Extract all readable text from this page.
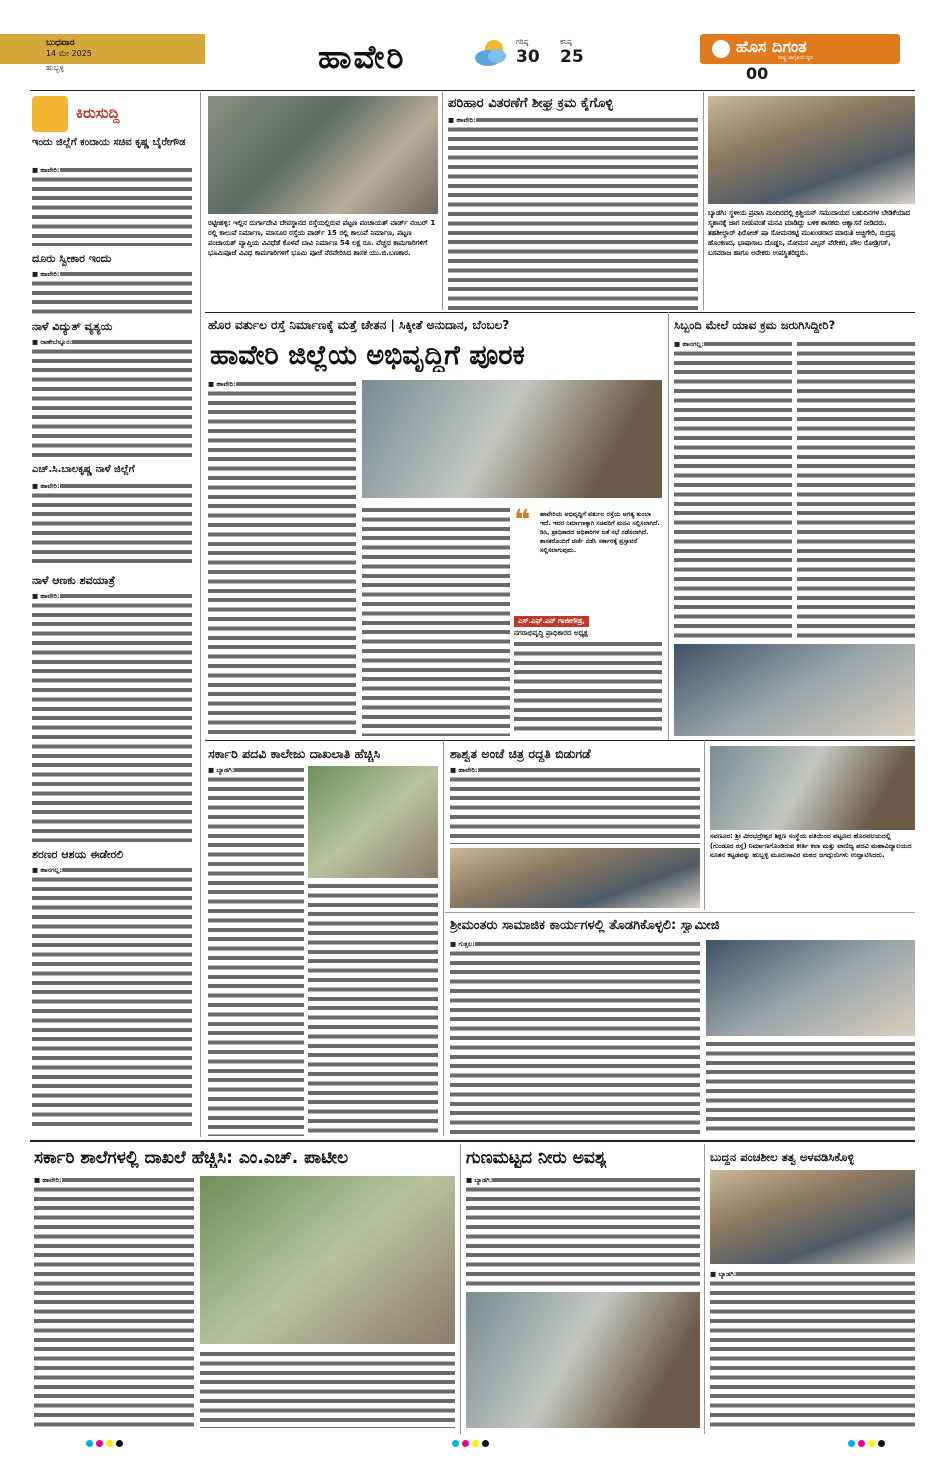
ಬುಧವಾರ
14 ಮೇ 2025
ಹುಬ್ಬಳ್ಳಿ	ಹಾವೇರಿ	ಗರಿಷ್ಠ
30
ಕನಿಷ್ಠ
25
ಹೊಸ ದಿಗಂತ
ರಾಷ್ಟ್ರ ಜಾಗೃತಿಯ ಧ್ವನಿ
00
ಕಿರುಸುದ್ದಿ
ಇಂದು ಜಿಲ್ಲೆಗೆ ಕಂದಾಯ ಸಚಿವ ಕೃಷ್ಣ ಬೈರೇಗೌಡ
■ ಹಾವೇರಿ:
ದೂರು ಸ್ವೀಕಾರ ಇಂದು
■ ಹಾವೇರಿ:
ನಾಳೆ ವಿದ್ಯುತ್ ವ್ಯತ್ಯಯ
■ ರಾಣೇಬೆನ್ನೂರ:
ಎಚ್.ಸಿ.ಬಾಲಕೃಷ್ಣ ನಾಳೆ ಜಿಲ್ಲೆಗೆ
■ ಹಾವೇರಿ:
ನಾಳೆ ಆಣಕು ಶವಯಾತ್ರೆ
■ ಹಾವೇರಿ:
ಶರಣರ ಆಶಯ ಈಡೇರಲಿ
■ ಹಾನಗಲ್ಲ:
ರಟ್ಟೀಹಳ್ಳಿ: ಇಲ್ಲಿನ ದುರ್ಗಾದೇವಿ ದೇವಸ್ಥಾನದ ರಸ್ತೆಯಲ್ಲಿರುವ ಪಟ್ಟಣ ಪಂಚಾಯತ್ ವಾರ್ಡ್ ನಂಬರ್ 1 ರಲ್ಲಿ ಕಾಲುವೆ ನಿರ್ಮಾಣ, ಮಾಸೂರ ರಸ್ತೆಯ ವಾರ್ಡ್ 15 ರಲ್ಲಿ ಕಾಲುವೆ ನಿರ್ಮಾಣ, ಪಟ್ಟಣ ಪಂಚಾಯತ್ ವ್ಯಾಪ್ತಿಯ ವಿವಿಧೆಡೆ ಕೊಳವೆ ಬಾವಿ ನಿರ್ಮಾಣ 54 ಲಕ್ಷ ರೂ. ವೆಚ್ಚದ ಕಾಮಗಾರಿಗಳಿಗೆ ಭೂಮಿಪೂಜೆ ವಿವಿಧ ಕಾಮಗಾರಿಗಳಿಗೆ ಭೂಮಿ ಪೂಜೆ ನೆರವೇರಿಸಿದ ಶಾಸಕ ಯು.ಬಿ.ಬಣಕಾರ.
ಪರಿಹಾರ ವಿತರಣೆಗೆ ಶೀಘ್ರ ಕ್ರಮ ಕೈಗೊಳ್ಳಿ
■ ಹಾವೇರಿ:
ಬ್ಯಾಡಗಿ: ಸ್ಥಳೀಯ ಪ್ರವಾಸಿ ಮಂದಿರದಲ್ಲಿ ಕ್ರಿಶ್ಚಿಯನ್ ಸಮುದಾಯದ ಬಹುದಿನಗಳ ಬೇಡಿಕೆಯಾದ ಸ್ಮಶಾನಕ್ಕೆ ಜಾಗ ನೀಡುವಂತೆ ಮನವಿ ಮಾಡಿದ್ದು ಬಳಿಕ ಶಾಸಕರು ಆಶ್ವಾಸನೆ ನೀಡಿದರು. ತಹಶೀಲ್ದಾರ್ ಫಿರೋಜ್ ಷಾ ಸೋಮನಕಟ್ಟಿ ಮುಖಂಡರಾದ ಮಾರುತಿ ಅಚ್ಚಿಗೇರಿ, ರುದ್ರಪ್ಪ ಹೊಂಕಣದ, ಭಾಷಾಸಾಬ ದೊಡ್ಡನಿ, ನೋಮನ ವಿಲ್ಸನ್ ವೆರೇಕರ, ಪೌಲ ರೋಡ್ರಿಗಸ್, ಬಸವರಾಜ ಹಾಗೂ ಅನೇಕರು ಉಪಸ್ಥಿತರಿದ್ದರು.
ಹೊರ ವರ್ತುಲ ರಸ್ತೆ ನಿರ್ಮಾಣಕ್ಕೆ ಮತ್ತೆ ಚೇತನ | ಸಿಕ್ಕೀತೆ ಅನುದಾನ, ಬೆಂಬಲ?
ಹಾವೇರಿ ಜಿಲ್ಲೆಯ ಅಭಿವೃದ್ಧಿಗೆ ಪೂರಕ
■ ಹಾವೇರಿ:
❝ ಹಾವೇರಿಯ ಅಭಿವೃದ್ಧಿಗೆ ವರ್ತುಲ ರಸ್ತೆಯ ಅಗತ್ಯ ತುಂಬಾ ಇದೆ. ಇದರ ನಿರ್ಮಾಣಕ್ಕಾಗಿ ಸಚಿವರಿಗೆ ಮನವಿ ಸಲ್ಲಿಸಲಾಗಿದೆ. ಡಿಸಿ, ಪ್ರಾಧಿಕಾರದ ಅಧಿಕಾರಿಗಳ ಜತೆ ಸಭೆ ನಡೆಸಲಾಗಿದೆ. ಶಾಸಕರೊಂದಿಗೆ ಚರ್ಚೆ ನಡೆಸಿ ಸರ್ಕಾರಕ್ಕೆ ಪ್ರಸ್ತಾವನೆ ಸಲ್ಲಿಸಲಾಗುವುದು.
ಎಸ್.ಎಫ್.ಎನ್ ಗಾಜೀಗೌಡ್ರ,
ನಗರಾಭಿವೃದ್ಧಿ ಪ್ರಾಧಿಕಾರದ ಅಧ್ಯಕ್ಷ
ಸಿಬ್ಬಂದಿ ಮೇಲೆ ಯಾವ ಕ್ರಮ ಜರುಗಿಸಿದ್ದೀರಿ?
■ ಹಾನಗಲ್ಲ:
ಸರ್ಕಾರಿ ಪದವಿ ಕಾಲೇಜು ದಾಖಲಾತಿ ಹೆಚ್ಚಿಸಿ
■ ಬ್ಯಾಡಗಿ:
ಶಾಶ್ವತ ಅಂಚೆ ಚಿತ್ರ ರದ್ಧತಿ ಬಿಡುಗಡೆ
■ ಹಾವೇರಿ:
ಸವಣೂರ: ಶ್ರೀ ವೀರಭದ್ರೇಶ್ವರ ಶಿಕ್ಷಣ ಸಂಸ್ಥೆಯ ವತಿಯಿಂದ ಪಟ್ಟಣದ ಹೊರವಲಯದಲ್ಲಿ (ಗುಂಡೂರ ರಸ್ತೆ) ನಿರ್ಮಾಣಗೊಂಡಿರುವ ಕೀರ್ತಿ ಕಲಾ ಮತ್ತು ವಾಣಿಜ್ಯ ಪದವಿ ಮಹಾವಿದ್ಯಾಲಯದ ನೂತನ ಕಟ್ಟಡವನ್ನು ಹುಬ್ಬಳ್ಳಿ ಮೂರುಸಾವಿರ ಮಠದ ಜಗದ್ಗುರುಗಳು ಉದ್ಘಾಟಿಸಿದರು.
ಶ್ರೀಮಂತರು ಸಾಮಾಜಿಕ ಕಾರ್ಯಗಳಲ್ಲಿ ತೊಡಗಿಕೊಳ್ಳಲಿ: ಸ್ವಾಮೀಜಿ
■ ಗುತ್ತಲ:
ಸರ್ಕಾರಿ ಶಾಲೆಗಳಲ್ಲಿ ದಾಖಲೆ ಹೆಚ್ಚಿಸಿ: ಎಂ.ಎಚ್. ಪಾಟೀಲ
■ ಹಾವೇರಿ:
ಗುಣಮಟ್ಟದ ನೀರು ಅವಶ್ಯ
■ ಬ್ಯಾಡಗಿ:
ಬುದ್ಧನ ಪಂಚಶೀಲ ತತ್ವ ಅಳವಡಿಸಿಕೊಳ್ಳಿ
■ ಬ್ಯಾಡಗಿ:
